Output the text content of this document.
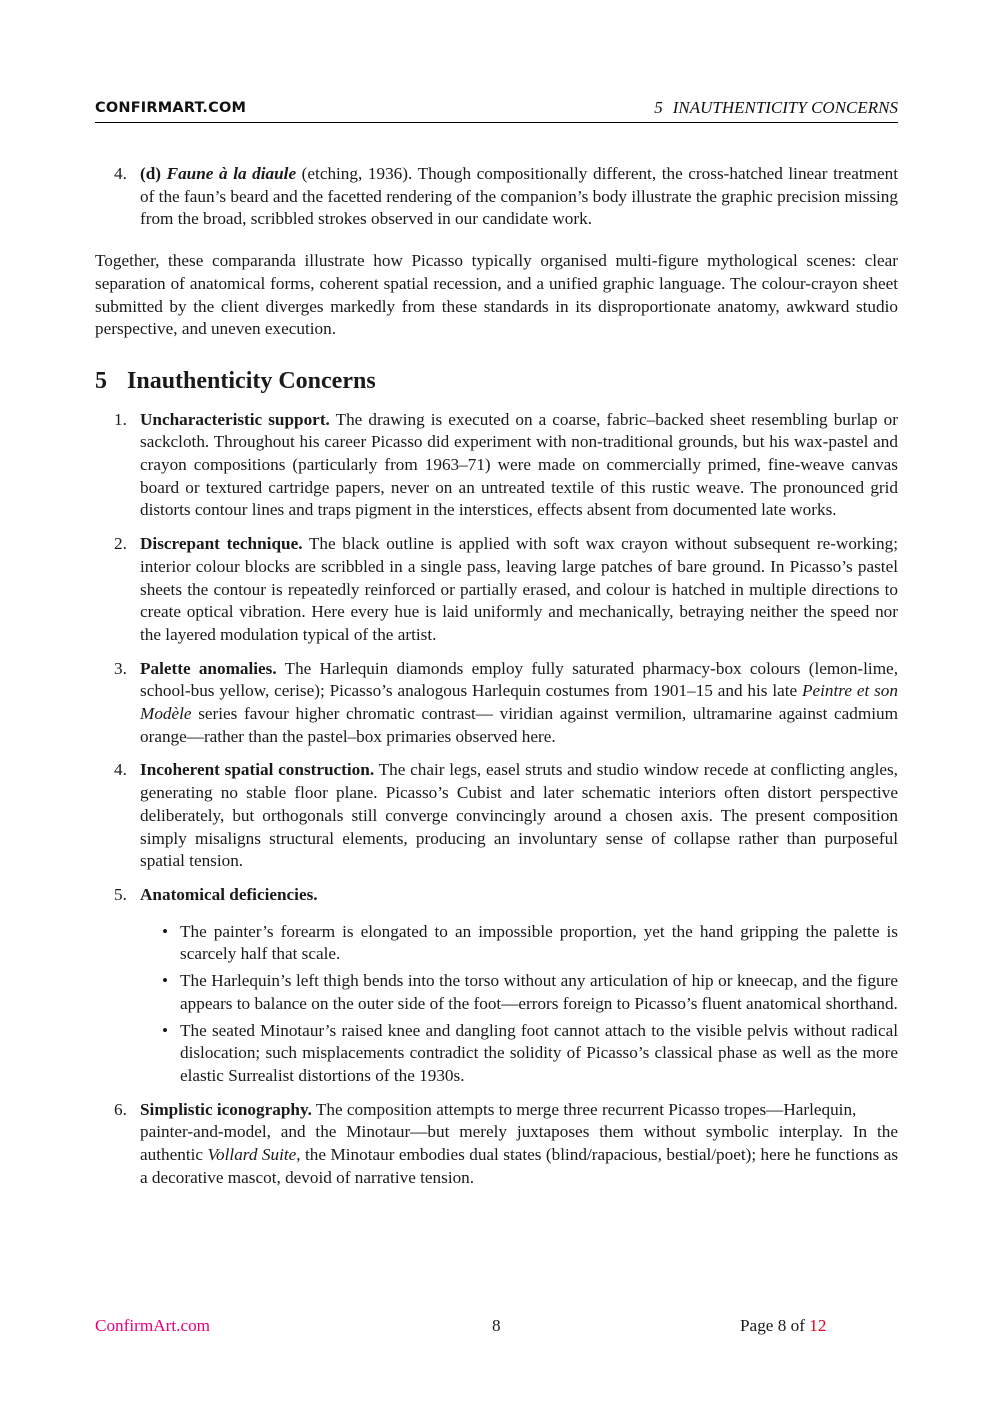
CONFIRMART.COM	5 INAUTHENTICITY CONCERNS
4. (d) Faune à la diaule (etching, 1936). Though compositionally different, the cross-hatched linear treatment of the faun’s beard and the facetted rendering of the companion’s body illustrate the graphic precision missing from the broad, scribbled strokes observed in our candidate work.

Together, these comparanda illustrate how Picasso typically organised multi-figure mythological scenes: clear separation of anatomical forms, coherent spatial recession, and a unified graphic language. The colour-crayon sheet submitted by the client diverges markedly from these standards in its disproportionate anatomy, awkward studio perspective, and uneven execution.

5 Inauthenticity Concerns
1. Uncharacteristic support. The drawing is executed on a coarse, fabric–backed sheet resembling burlap or sackcloth. Throughout his career Picasso did experiment with non-traditional grounds, but his wax-pastel and crayon compositions (particularly from 1963–71) were made on commercially primed, fine-weave canvas board or textured cartridge papers, never on an untreated textile of this rustic weave. The pronounced grid distorts contour lines and traps pigment in the interstices, effects absent from documented late works.

2. Discrepant technique. The black outline is applied with soft wax crayon without subsequent re-working; interior colour blocks are scribbled in a single pass, leaving large patches of bare ground. In Picasso’s pastel sheets the contour is repeatedly reinforced or partially erased, and colour is hatched in multiple directions to create optical vibration. Here every hue is laid uniformly and mechanically, betraying neither the speed nor the layered modulation typical of the artist.

3. Palette anomalies. The Harlequin diamonds employ fully saturated pharmacy-box colours (lemon-lime, school-bus yellow, cerise); Picasso’s analogous Harlequin costumes from 1901–15 and his late Peintre et son Modèle series favour higher chromatic contrast— viridian against vermilion, ultramarine against cadmium orange—rather than the pastel–box primaries observed here.

4. Incoherent spatial construction. The chair legs, easel struts and studio window recede at conflicting angles, generating no stable floor plane. Picasso’s Cubist and later schematic interiors often distort perspective deliberately, but orthogonals still converge convincingly around a chosen axis. The present composition simply misaligns structural elements, producing an involuntary sense of collapse rather than purposeful spatial tension.

5. Anatomical deficiencies.

• The painter’s forearm is elongated to an impossible proportion, yet the hand gripping the palette is scarcely half that scale.
• The Harlequin’s left thigh bends into the torso without any articulation of hip or kneecap, and the figure appears to balance on the outer side of the foot—errors foreign to Picasso’s fluent anatomical shorthand.
• The seated Minotaur’s raised knee and dangling foot cannot attach to the visible pelvis without radical dislocation; such misplacements contradict the solidity of Picasso’s classical phase as well as the more elastic Surrealist distortions of the 1930s.
6. Simplistic iconography. The composition attempts to merge three recurrent Picasso tropes—Harlequin,

painter-and-model, and the Minotaur—but merely juxtaposes them without symbolic interplay. In the authentic Vollard Suite, the Minotaur embodies dual states (blind/rapacious, bestial/poet); here he functions as a decorative mascot, devoid of narrative tension.

ConfirmArt.com	8	Page 8 of 12
